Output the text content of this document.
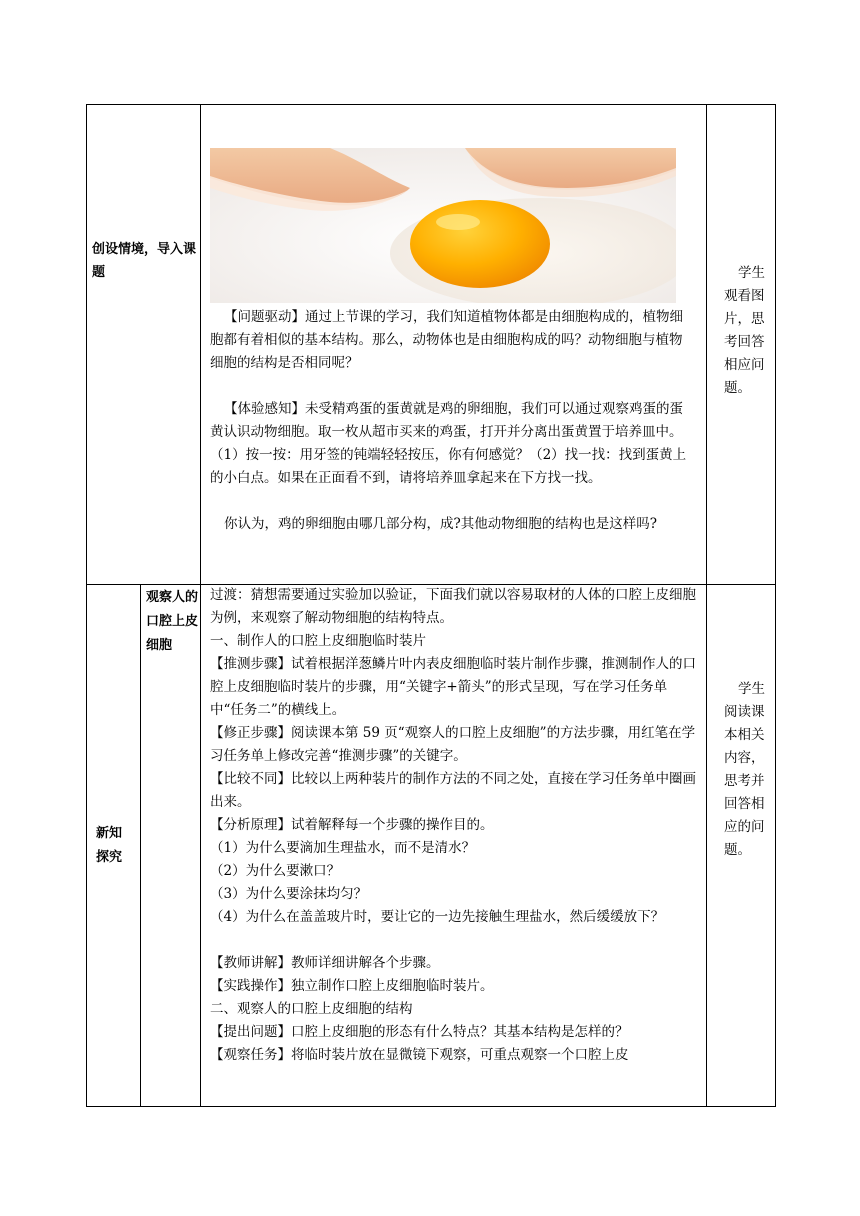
创设情境，导入课题
【问题驱动】通过上节课的学习，我们知道植物体都是由细胞构成的，植物细胞都有着相似的基本结构。那么，动物体也是由细胞构成的吗？动物细胞与植物细胞的结构是否相同呢？
【体验感知】未受精鸡蛋的蛋黄就是鸡的卵细胞，我们可以通过观察鸡蛋的蛋黄认识动物细胞。取一枚从超市买来的鸡蛋，打开并分离出蛋黄置于培养皿中。（1）按一按：用牙签的钝端轻轻按压，你有何感觉？（2）找一找：找到蛋黄上的小白点。如果在正面看不到，请将培养皿拿起来在下方找一找。
你认为，鸡的卵细胞由哪几部分构，成?其他动物细胞的结构也是这样吗?
学生观看图片，思考回答相应问题。
新知探究
观察人的口腔上皮细胞
过渡：猜想需要通过实验加以验证，下面我们就以容易取材的人体的口腔上皮细胞为例，来观察了解动物细胞的结构特点。
一、制作人的口腔上皮细胞临时装片
【推测步骤】试着根据洋葱鳞片叶内表皮细胞临时装片制作步骤，推测制作人的口腔上皮细胞临时装片的步骤，用“关键字+箭头”的形式呈现，写在学习任务单中“任务二”的横线上。
【修正步骤】阅读课本第 59 页“观察人的口腔上皮细胞”的方法步骤，用红笔在学习任务单上修改完善“推测步骤”的关键字。
【比较不同】比较以上两种装片的制作方法的不同之处，直接在学习任务单中圈画出来。
【分析原理】试着解释每一个步骤的操作目的。
（1）为什么要滴加生理盐水，而不是清水？
（2）为什么要漱口？
（3）为什么要涂抹均匀？
（4）为什么在盖盖玻片时，要让它的一边先接触生理盐水，然后缓缓放下？
【教师讲解】教师详细讲解各个步骤。
【实践操作】独立制作口腔上皮细胞临时装片。
二、观察人的口腔上皮细胞的结构
【提出问题】口腔上皮细胞的形态有什么特点？其基本结构是怎样的？
【观察任务】将临时装片放在显微镜下观察，可重点观察一个口腔上皮
学生阅读课本相关内容，思考并回答相应的问题。
